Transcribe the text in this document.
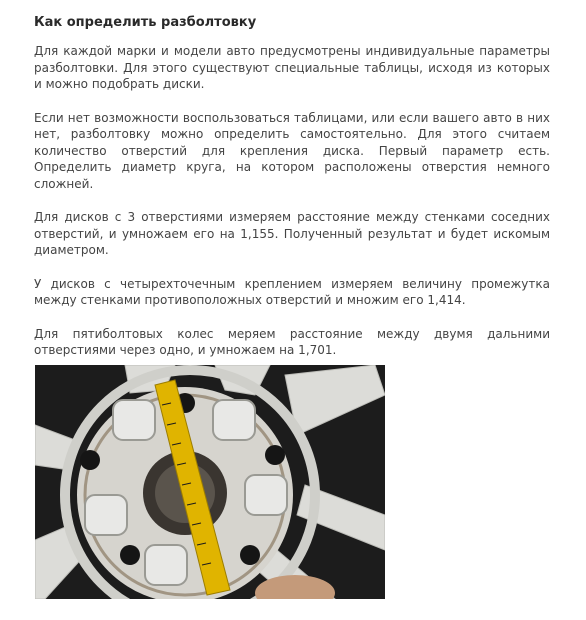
Как определить разболтовку

Для каждой марки и модели авто предусмотрены индивидуальные параметры разболтовки. Для этого существуют специальные таблицы, исходя из которых и можно подобрать диски.

Если нет возможности воспользоваться таблицами, или если вашего авто в них нет, разболтовку можно определить самостоятельно. Для этого считаем количество отверстий для крепления диска. Первый параметр есть. Определить диаметр круга, на котором расположены отверстия немного сложней.

Для дисков с 3 отверстиями измеряем расстояние между стенками соседних отверстий, и умножаем его на 1,155. Полученный результат и будет искомым диаметром.

У дисков с четырехточечным креплением измеряем величину промежутка между стенками противоположных отверстий и множим его 1,414.

Для пятиболтовых колес меряем расстояние между двумя дальними отверстиями через одно, и умножаем на 1,701.
